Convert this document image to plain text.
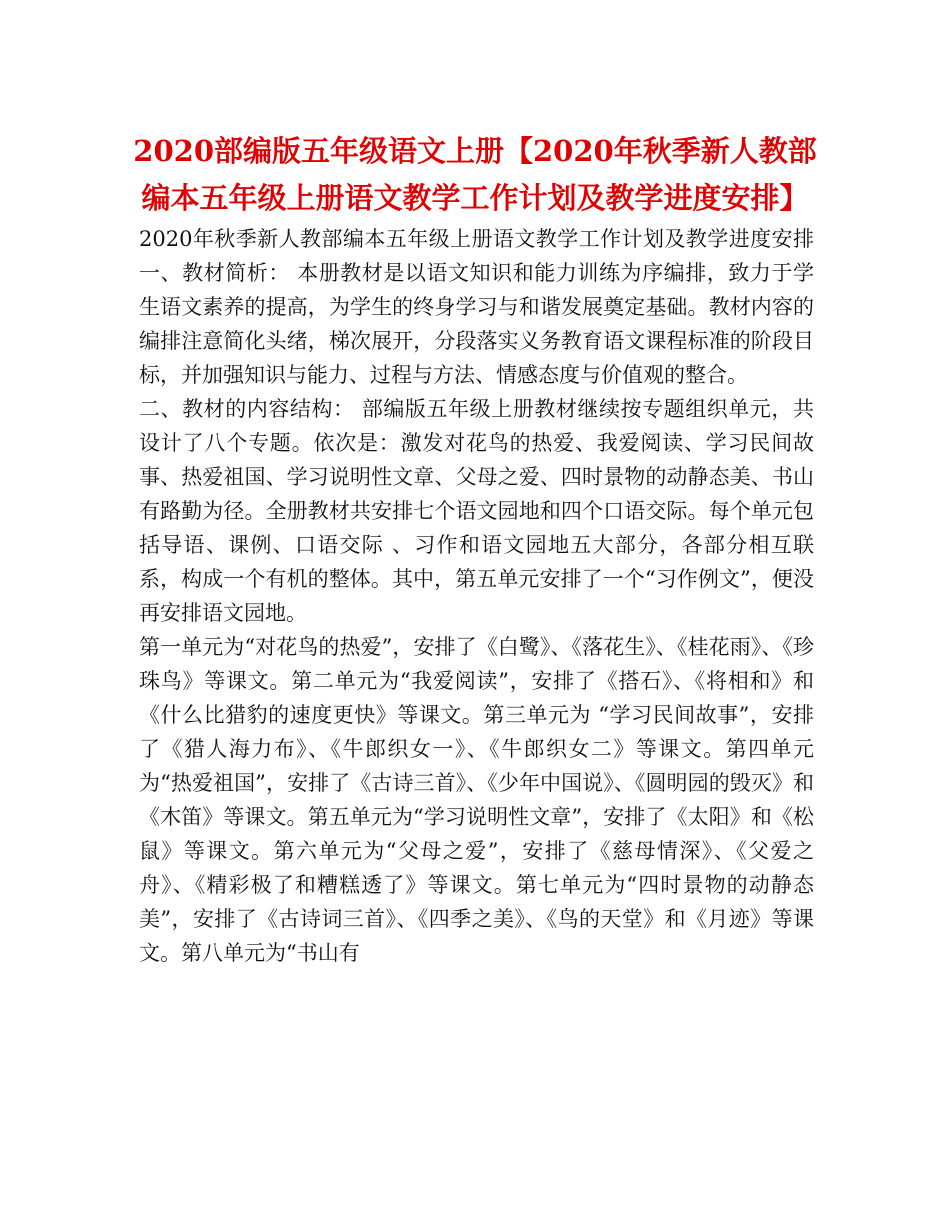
2020部编版五年级语文上册【2020年秋季新人教部编本五年级上册语文教学工作计划及教学进度安排】

2020年秋季新人教部编本五年级上册语文教学工作计划及教学进度安排 一、教材简析： 本册教材是以语文知识和能力训练为序编排，致力于学生语文素养的提高，为学生的终身学习与和谐发展奠定基础。教材内容的编排注意简化头绪，梯次展开，分段落实义务教育语文课程标准的阶段目标，并加强知识与能力、过程与方法、情感态度与价值观的整合。

二、教材的内容结构： 部编版五年级上册教材继续按专题组织单元，共设计了八个专题。依次是：激发对花鸟的热爱、我爱阅读、学习民间故事、热爱祖国、学习说明性文章、父母之爱、四时景物的动静态美、书山有路勤为径。全册教材共安排七个语文园地和四个口语交际。每个单元包括导语、课例、口语交际 、习作和语文园地五大部分，各部分相互联系，构成一个有机的整体。其中，第五单元安排了一个“习作例文”，便没再安排语文园地。

第一单元为“对花鸟的热爱”，安排了《白鹭》、《落花生》、《桂花雨》、《珍珠鸟》等课文。第二单元为“我爱阅读”，安排了《搭石》、《将相和》和《什么比猎豹的速度更快》等课文。第三单元为 “学习民间故事”，安排了《猎人海力布》、《牛郎织女一》、《牛郎织女二》等课文。第四单元为“热爱祖国”，安排了《古诗三首》、《少年中国说》、《圆明园的毁灭》和《木笛》等课文。第五单元为“学习说明性文章”，安排了《太阳》和《松鼠》等课文。第六单元为“父母之爱”，安排了《慈母情深》、《父爱之舟》、《精彩极了和糟糕透了》等课文。第七单元为“四时景物的动静态美”，安排了《古诗词三首》、《四季之美》、《鸟的天堂》和《月迹》等课文。第八单元为“书山有
